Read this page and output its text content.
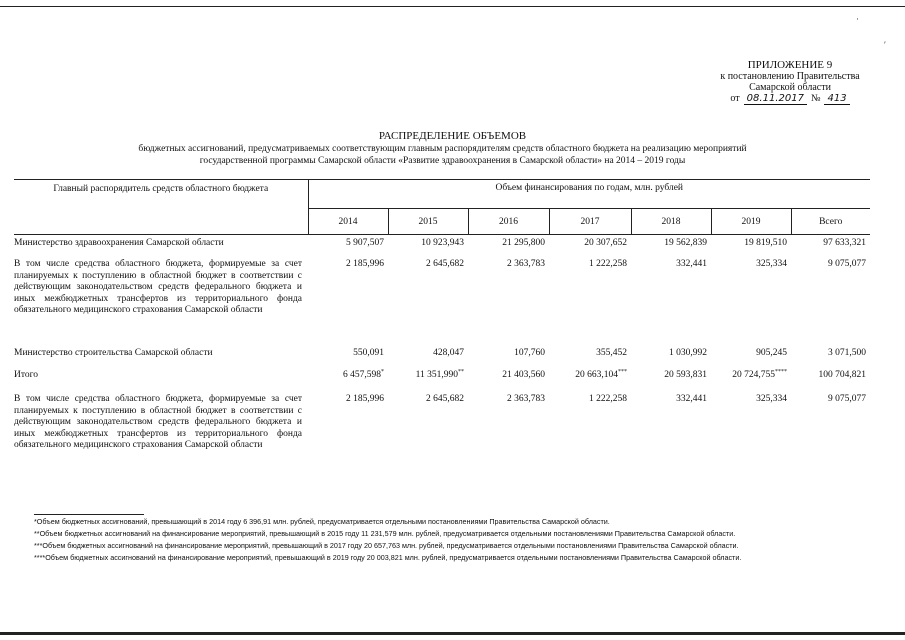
·
′
ПРИЛОЖЕНИЕ 9
к постановлению Правительства
Самарской области
от 08.11.2017 № 413
РАСПРЕДЕЛЕНИЕ ОБЪЕМОВ
бюджетных ассигнований, предусматриваемых соответствующим главным распорядителям средств областного бюджета на реализацию мероприятий
государственной программы Самарской области «Развитие здравоохранения в Самарской области» на 2014 – 2019 годы
Главный распорядитель средств областного бюджета	Объем финансирования по годам, млн. рублей						
	2014	2015	2016	2017	2018	2019	Всего
Министерство здравоохранения Самарской области	5 907,507	10 923,943	21 295,800	20 307,652	19 562,839	19 819,510	97 633,321
В том числе средства областного бюджета, формируемые за счет планируемых к поступлению в областной бюджет в соответствии с действующим законодательством средств федерального бюджета и иных межбюджетных трансфертов из территориального фонда обязательного медицинского страхования Самарской области	2 185,996	2 645,682	2 363,783	1 222,258	332,441	325,334	9 075,077
Министерство строительства Самарской области	550,091	428,047	107,760	355,452	1 030,992	905,245	3 071,500
Итого	6 457,598*	11 351,990**	21 403,560	20 663,104***	20 593,831	20 724,755****	100 704,821
В том числе средства областного бюджета, формируемые за счет планируемых к поступлению в областной бюджет в соответствии с действующим законодательством средств федерального бюджета и иных межбюджетных трансфертов из территориального фонда обязательного медицинского страхования Самарской области	2 185,996	2 645,682	2 363,783	1 222,258	332,441	325,334	9 075,077
*Объем бюджетных ассигнований, превышающий в 2014 году 6 396,91 млн. рублей, предусматривается отдельными постановлениями Правительства Самарской области.
**Объем бюджетных ассигнований на финансирование мероприятий, превышающий в 2015 году 11 231,579 млн. рублей, предусматривается отдельными постановлениями Правительства Самарской области.
***Объем бюджетных ассигнований на финансирование мероприятий, превышающий в 2017 году 20 657,763 млн. рублей, предусматривается отдельными постановлениями Правительства Самарской области.
****Объем бюджетных ассигнований на финансирование мероприятий, превышающий в 2019 году 20 003,821 млн. рублей, предусматривается отдельными постановлениями Правительства Самарской области.
